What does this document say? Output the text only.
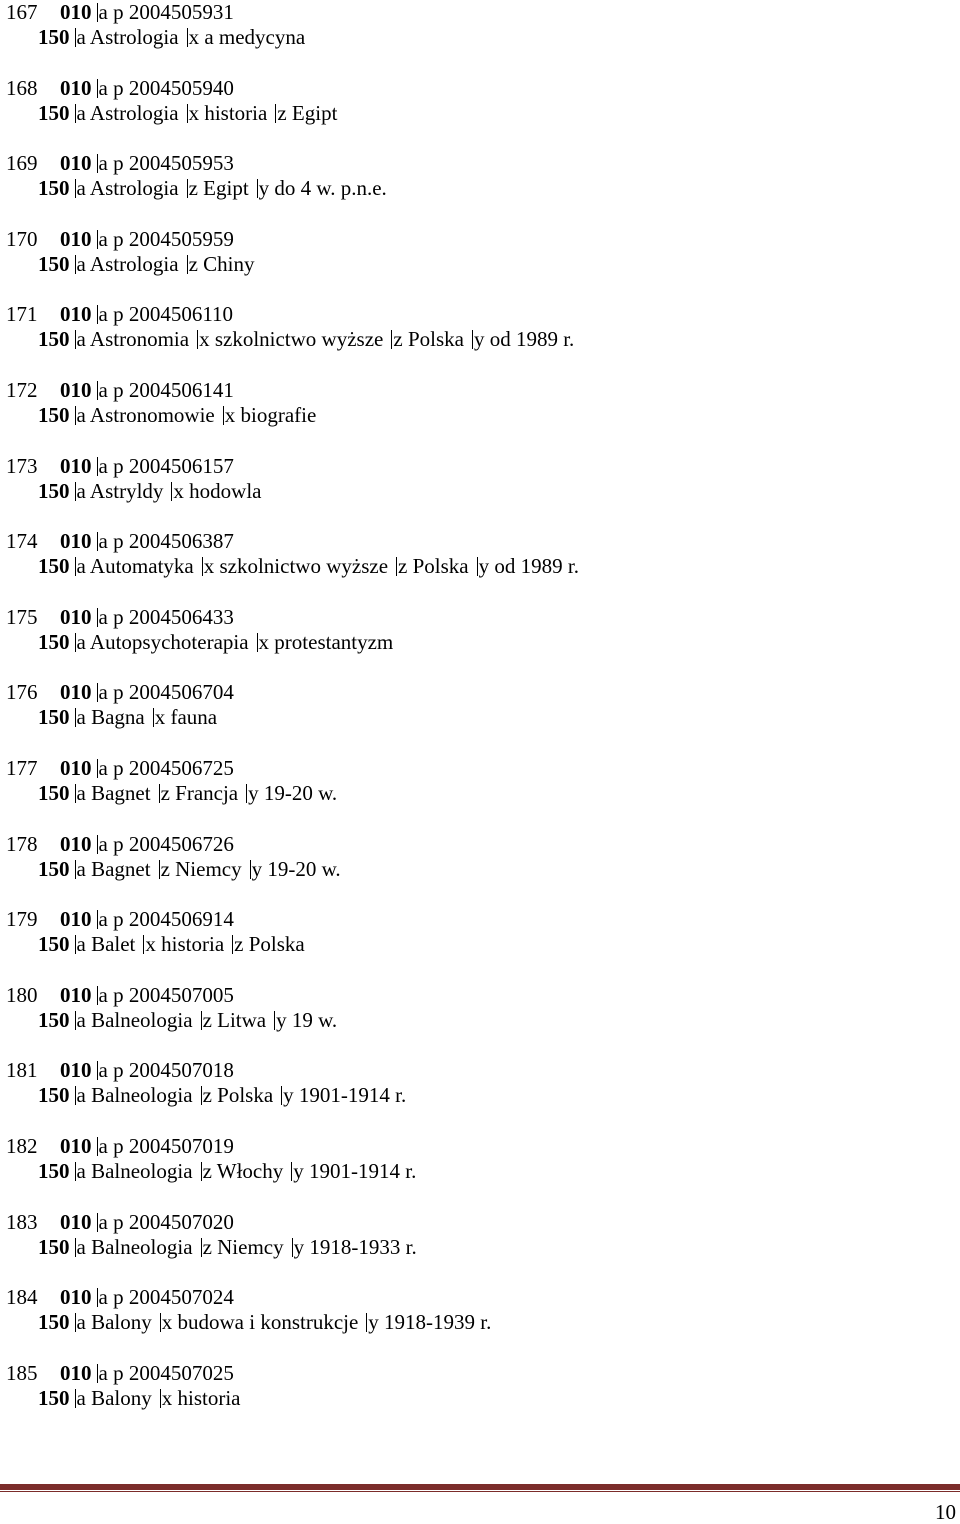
167 010 a p 2004505931
150 a Astrologia x a medycyna
168 010 a p 2004505940
150 a Astrologia x historia z Egipt
169 010 a p 2004505953
150 a Astrologia z Egipt y do 4 w. p.n.e.
170 010 a p 2004505959
150 a Astrologia z Chiny
171 010 a p 2004506110
150 a Astronomia x szkolnictwo wyższe z Polska y od 1989 r.
172 010 a p 2004506141
150 a Astronomowie x biografie
173 010 a p 2004506157
150 a Astryldy x hodowla
174 010 a p 2004506387
150 a Automatyka x szkolnictwo wyższe z Polska y od 1989 r.
175 010 a p 2004506433
150 a Autopsychoterapia x protestantyzm
176 010 a p 2004506704
150 a Bagna x fauna
177 010 a p 2004506725
150 a Bagnet z Francja y 19-20 w.
178 010 a p 2004506726
150 a Bagnet z Niemcy y 19-20 w.
179 010 a p 2004506914
150 a Balet x historia z Polska
180 010 a p 2004507005
150 a Balneologia z Litwa y 19 w.
181 010 a p 2004507018
150 a Balneologia z Polska y 1901-1914 r.
182 010 a p 2004507019
150 a Balneologia z Włochy y 1901-1914 r.
183 010 a p 2004507020
150 a Balneologia z Niemcy y 1918-1933 r.
184 010 a p 2004507024
150 a Balony x budowa i konstrukcje y 1918-1939 r.
185 010 a p 2004507025
150 a Balony x historia
10
